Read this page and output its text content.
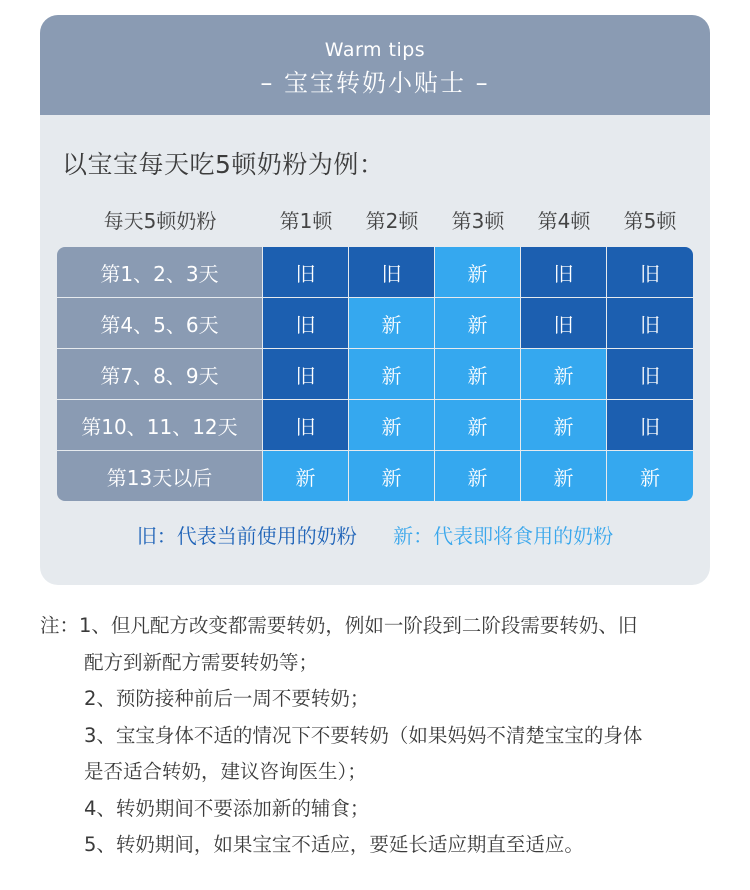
Warm tips
– 宝宝转奶小贴士 –
以宝宝每天吃5顿奶粉为例：
每天5顿奶粉	第1顿	第2顿	第3顿	第4顿	第5顿
第1、2、3天	旧	旧	新	旧	旧
第4、5、6天	旧	新	新	旧	旧
第7、8、9天	旧	新	新	新	旧
第10、11、12天	旧	新	新	新	旧
第13天以后	新	新	新	新	新
旧：代表当前使用的奶粉 新：代表即将食用的奶粉
注：1、但凡配方改变都需要转奶，例如一阶段到二阶段需要转奶、旧
配方到新配方需要转奶等；
2、预防接种前后一周不要转奶；
3、宝宝身体不适的情况下不要转奶（如果妈妈不清楚宝宝的身体
是否适合转奶，建议咨询医生）；
4、转奶期间不要添加新的辅食；
5、转奶期间，如果宝宝不适应，要延长适应期直至适应。
